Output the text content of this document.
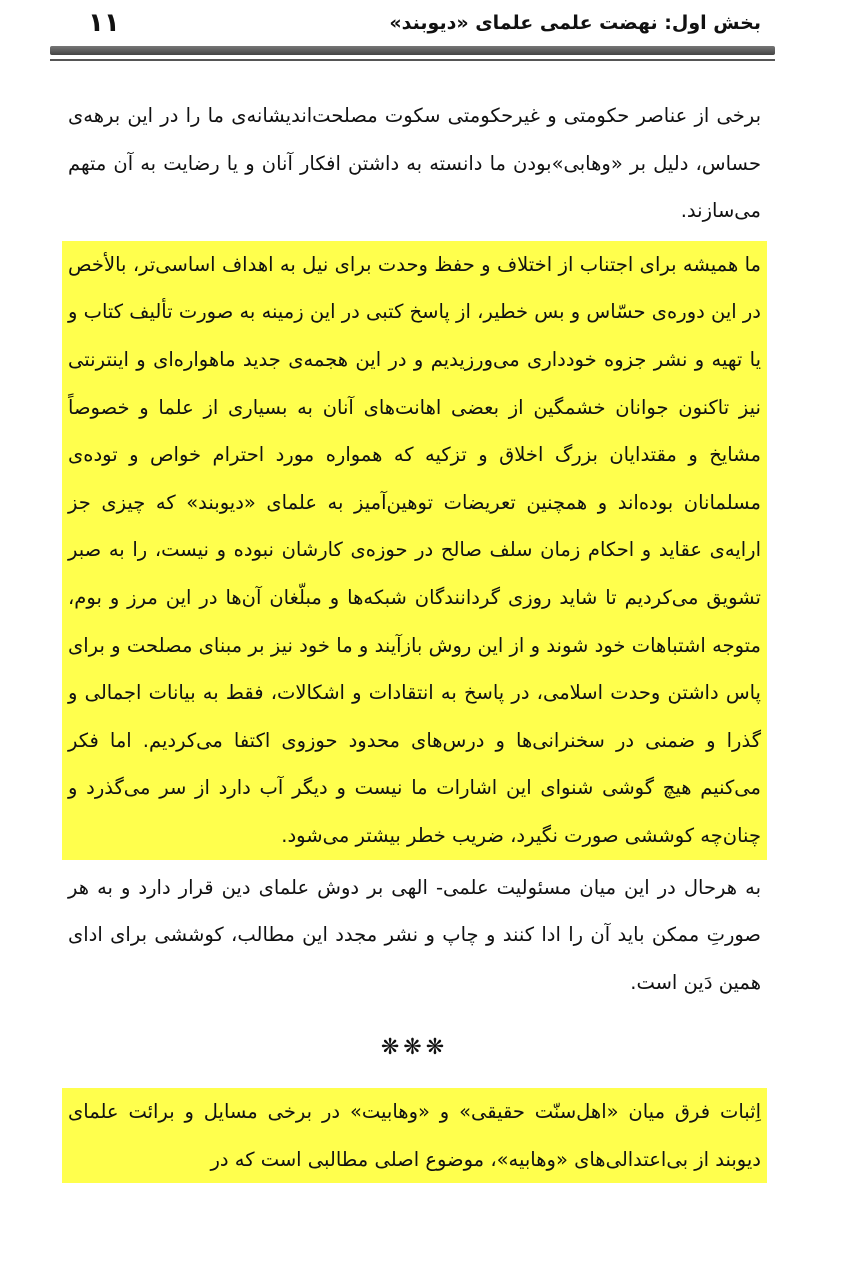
۱۱	بخش اول: نهضت علمی علمای «دیوبند»

برخی از عناصر حکومتی و غیرحکومتی سکوت مصلحت‌اندیشانه‌ی ما را در این برهه‌ی حساس، دلیل بر «وهابی»بودن ما دانسته به داشتن افکار آنان و یا رضایت به آن متهم می‌سازند.

ما همیشه برای اجتناب از اختلاف و حفظ وحدت برای نیل به اهداف اساسی‌تر، بالأخص در این دوره‌ی حسّاس و بس خطیر، از پاسخ کتبی در این زمینه به صورت تألیف کتاب و یا تهیه و نشر جزوه خودداری می‌ورزیدیم و در این هجمه‌ی جدید ماهواره‌ای و اینترنتی نیز تاکنون جوانان خشمگین از بعضی اهانت‌های آنان به بسیاری از علما و خصوصاً مشایخ و مقتدایان بزرگ اخلاق و تزکیه که همواره مورد احترام خواص و توده‌ی مسلمانان بوده‌اند و همچنین تعریضات توهین‌آمیز به علمای «دیوبند» که چیزی جز ارایه‌ی عقاید و احکام زمان سلف صالح در حوزه‌ی کارشان نبوده و نیست، را به صبر تشویق می‌کردیم تا شاید روزی گردانندگان شبکه‌ها و مبلّغان آن‌ها در این مرز و بوم، متوجه اشتباهات خود شوند و از این روش بازآیند و ما خود نیز بر مبنای مصلحت و برای پاس داشتن وحدت اسلامی، در پاسخ به انتقادات و اشکالات، فقط به بیانات اجمالی و گذرا و ضمنی در سخنرانی‌ها و درس‌های محدود حوزوی اکتفا می‌کردیم. اما فکر می‌کنیم هیچ گوشی شنوای این اشارات ما نیست و دیگر آب دارد از سر می‌گذرد و چنان‌چه کوششی صورت نگیرد، ضریب خطر بیشتر می‌شود.

به هرحال در این میان مسئولیت علمی- الهی بر دوش علمای دین قرار دارد و به هر صورتِ ممکن باید آن را ادا کنند و چاپ و نشر مجدد این مطالب، کوششی برای ادای همین دَین است.

❋❋❋

اِثبات فرق میان «اهل‌سنّت حقیقی» و «وهابیت» در برخی مسایل و برائت علمای دیوبند از بی‌اعتدالی‌های «وهابیه»، موضوع اصلی مطالبی است که در
